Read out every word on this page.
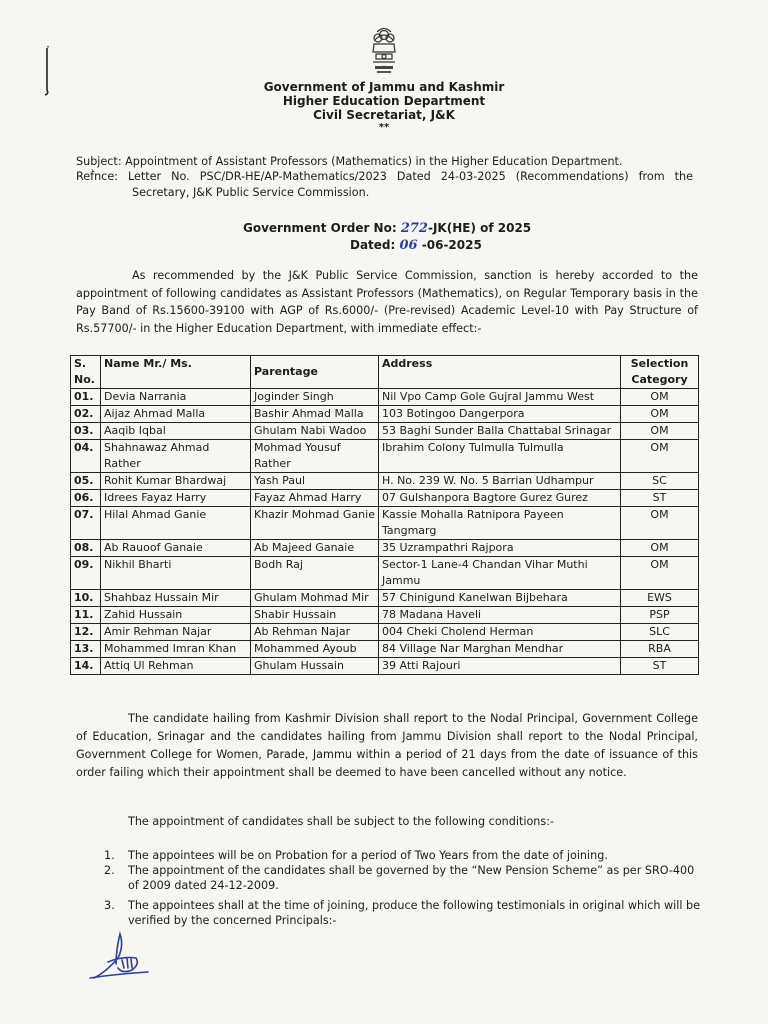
Government of Jammu and Kashmir
Higher Education Department
Civil Secretariat, J&K
**
Subject: Appointment of Assistant Professors (Mathematics) in the Higher Education Department.
Ref̀nce: Letter No. PSC/DR-HE/AP-Mathematics/2023 Dated 24-03-2025 (Recommendations) from the
Secretary, J&K Public Service Commission.
Government Order No: 272-JK(HE) of 2025
Dated: 06 -06-2025
As recommended by the J&K Public Service Commission, sanction is hereby accorded to the appointment of following candidates as Assistant Professors (Mathematics), on Regular Temporary basis in the Pay Band of Rs.15600-39100 with AGP of Rs.6000/- (Pre-revised) Academic Level-10 with Pay Structure of Rs.57700/- in the Higher Education Department, with immediate effect:-
S. No.	Name Mr./ Ms.	Parentage	Address	Selection Category
01.	Devia Narrania	Joginder Singh	Nil Vpo Camp Gole Gujral Jammu West	OM
02.	Aijaz Ahmad Malla	Bashir Ahmad Malla	103 Botingoo Dangerpora	OM
03.	Aaqib Iqbal	Ghulam Nabi Wadoo	53 Baghi Sunder Balla Chattabal Srinagar	OM
04.	Shahnawaz Ahmad Rather	Mohmad Yousuf Rather	Ibrahim Colony Tulmulla Tulmulla	OM
05.	Rohit Kumar Bhardwaj	Yash Paul	H. No. 239 W. No. 5 Barrian Udhampur	SC
06.	Idrees Fayaz Harry	Fayaz Ahmad Harry	07 Gulshanpora Bagtore Gurez Gurez	ST
07.	Hilal Ahmad Ganie	Khazir Mohmad Ganie	Kassie Mohalla Ratnipora Payeen Tangmarg	OM
08.	Ab Rauoof Ganaie	Ab Majeed Ganaie	35 Uzrampathri Rajpora	OM
09.	Nikhil Bharti	Bodh Raj	Sector-1 Lane-4 Chandan Vihar Muthi Jammu	OM
10.	Shahbaz Hussain Mir	Ghulam Mohmad Mir	57 Chinigund Kanelwan Bijbehara	EWS
11.	Zahid Hussain	Shabir Hussain	78 Madana Haveli	PSP
12.	Amir Rehman Najar	Ab Rehman Najar	004 Cheki Cholend Herman	SLC
13.	Mohammed Imran Khan	Mohammed Ayoub	84 Village Nar Marghan Mendhar	RBA
14.	Attiq Ul Rehman	Ghulam Hussain	39 Atti Rajouri	ST
The candidate hailing from Kashmir Division shall report to the Nodal Principal, Government College of Education, Srinagar and the candidates hailing from Jammu Division shall report to the Nodal Principal, Government College for Women, Parade, Jammu within a period of 21 days from the date of issuance of this order failing which their appointment shall be deemed to have been cancelled without any notice.
The appointment of candidates shall be subject to the following conditions:-
1.	The appointees will be on Probation for a period of Two Years from the date of joining.
2.	The appointment of the candidates shall be governed by the “New Pension Scheme” as per SRO-400 of 2009 dated 24-12-2009.
3.	The appointees shall at the time of joining, produce the following testimonials in original which will be verified by the concerned Principals:-
